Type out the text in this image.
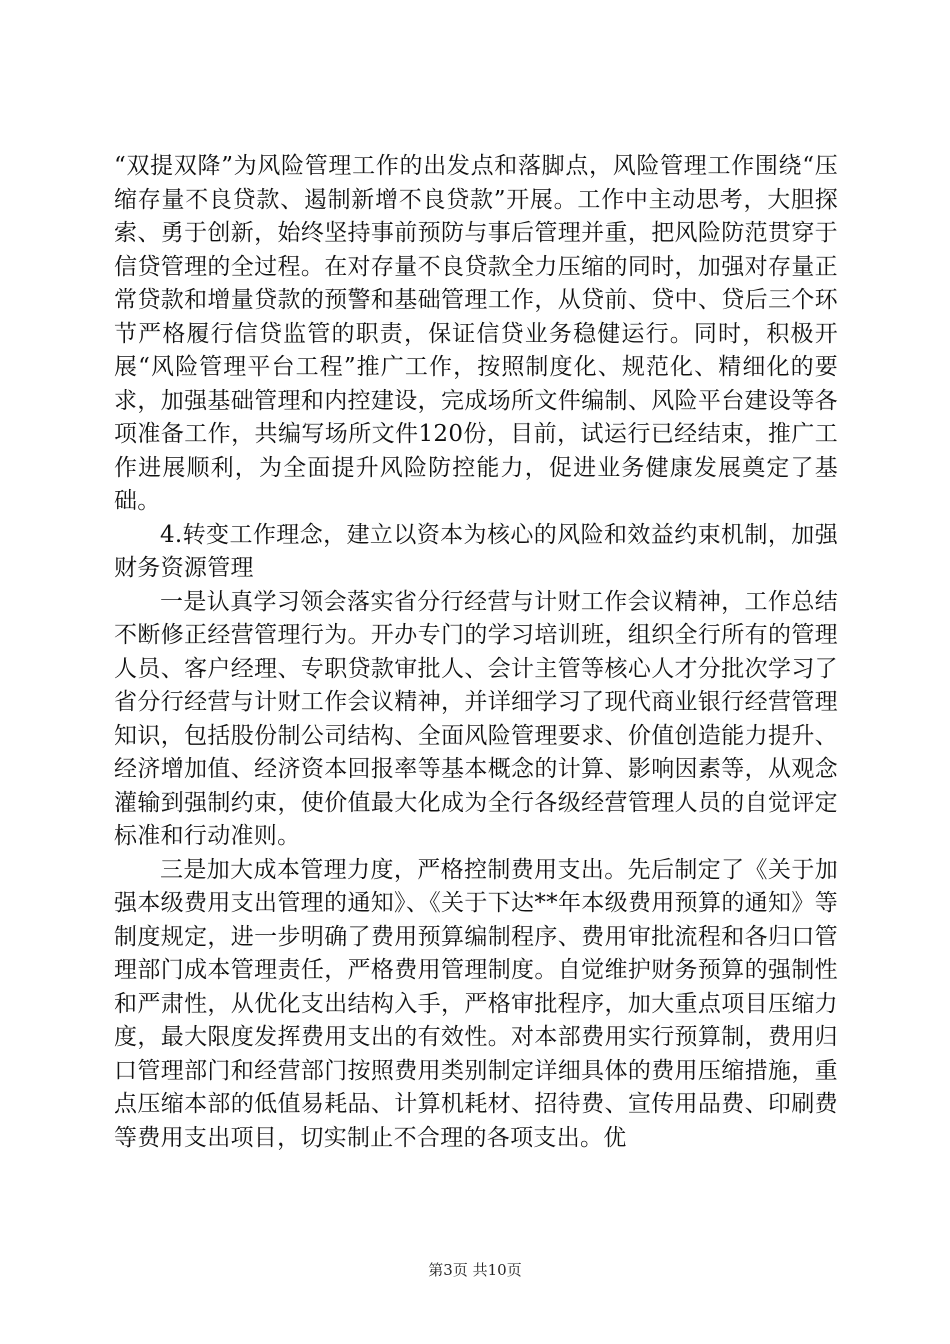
“双提双降”为风险管理工作的出发点和落脚点，风险管理工作围绕“压缩存量不良贷款、遏制新增不良贷款”开展。工作中主动思考，大胆探索、勇于创新，始终坚持事前预防与事后管理并重，把风险防范贯穿于信贷管理的全过程。在对存量不良贷款全力压缩的同时，加强对存量正常贷款和增量贷款的预警和基础管理工作，从贷前、贷中、贷后三个环节严格履行信贷监管的职责，保证信贷业务稳健运行。同时，积极开展“风险管理平台工程”推广工作，按照制度化、规范化、精细化的要求，加强基础管理和内控建设，完成场所文件编制、风险平台建设等各项准备工作，共编写场所文件120份，目前，试运行已经结束，推广工作进展顺利，为全面提升风险防控能力，促进业务健康发展奠定了基础。

4.转变工作理念，建立以资本为核心的风险和效益约束机制，加强财务资源管理

一是认真学习领会落实省分行经营与计财工作会议精神，工作总结不断修正经营管理行为。开办专门的学习培训班，组织全行所有的管理人员、客户经理、专职贷款审批人、会计主管等核心人才分批次学习了省分行经营与计财工作会议精神，并详细学习了现代商业银行经营管理知识，包括股份制公司结构、全面风险管理要求、价值创造能力提升、经济增加值、经济资本回报率等基本概念的计算、影响因素等，从观念灌输到强制约束，使价值最大化成为全行各级经营管理人员的自觉评定标准和行动准则。

三是加大成本管理力度，严格控制费用支出。先后制定了《关于加强本级费用支出管理的通知》、《关于下达**年本级费用预算的通知》等制度规定，进一步明确了费用预算编制程序、费用审批流程和各归口管理部门成本管理责任，严格费用管理制度。自觉维护财务预算的强制性和严肃性，从优化支出结构入手，严格审批程序，加大重点项目压缩力度，最大限度发挥费用支出的有效性。对本部费用实行预算制，费用归口管理部门和经营部门按照费用类别制定详细具体的费用压缩措施，重点压缩本部的低值易耗品、计算机耗材、招待费、宣传用品费、印刷费等费用支出项目，切实制止不合理的各项支出。优

第3页 共10页
